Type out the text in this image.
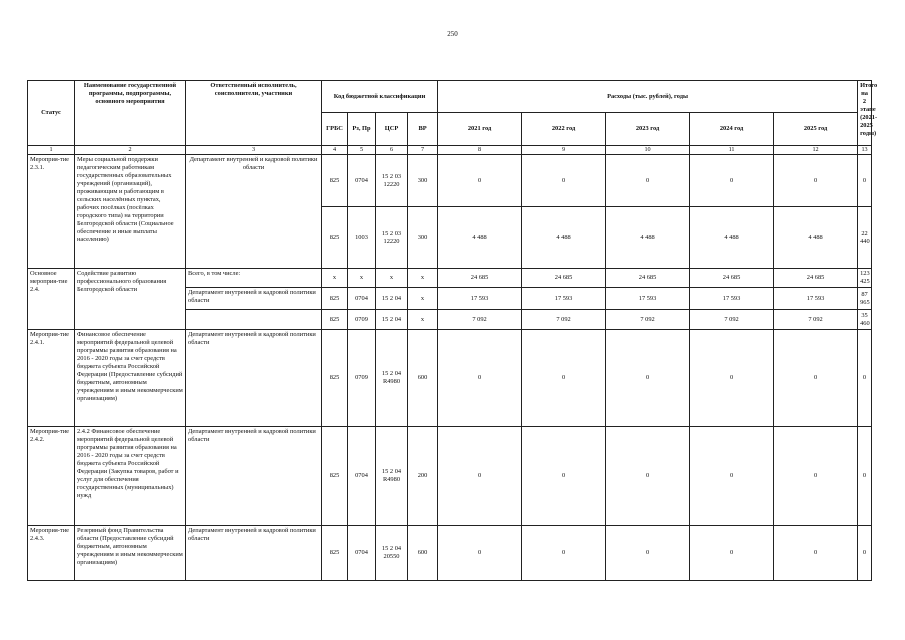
250
Статус	Наименование государственной программы, подпрограммы, основного мероприятия	Ответственный исполнитель, соисполнители, участники	Код бюджетной классификации				Расходы (тыс. рублей), годы					Итого на 2 этапе (2021-2025 годы)
			ГРБС	Рз, Пр	ЦСР	ВР	2021 год	2022 год	2023 год	2024 год	2025 год	
1	2	3	4	5	6	7	8	9	10	11	12	13
Мероприя-тие 2.3.1.	Меры социальной поддержки педагогическим работникам государственных образовательных учреждений (организаций), проживающим и работающим в сельских населённых пунктах, рабочих посёлках (посёлках городского типа) на территории Белгородской области (Социальное обеспечение и иные выплаты населению)	Департамент внутренней и кадровой политики области	825	0704	15 2 03 12220	300	0	0	0	0	0	0
			825	1003	15 2 03 12220	300	4 488	4 488	4 488	4 488	4 488	22 440
Основное мероприя-тие 2.4.	Содействие развитию профессионального образования Белгородской области	Всего, в том числе:	x	x	x	x	24 685	24 685	24 685	24 685	24 685	123 425
		Департамент внутренней и кадровой политики области	825	0704	15 2 04	x	17 593	17 593	17 593	17 593	17 593	87 965
			825	0709	15 2 04	x	7 092	7 092	7 092	7 092	7 092	35 460
Мероприя-тие 2.4.1.	Финансовое обеспечение мероприятий федеральной целевой программы развития образования на 2016 - 2020 годы за счет средств бюджета субъекта Российской Федерации (Предоставление субсидий бюджетным, автономным учреждениям и иным некоммерческим организациям)	Департамент внутренней и кадровой политики области	825	0709	15 2 04 R4980	600	0	0	0	0	0	0
Мероприя-тие 2.4.2.	2.4.2 Финансовое обеспечение мероприятий федеральной целевой программы развития образования на 2016 - 2020 годы за счет средств бюджета субъекта Российской Федерации (Закупка товаров, работ и услуг для обеспечения государственных (муниципальных) нужд	Департамент внутренней и кадровой политики области	825	0704	15 2 04 R4980	200	0	0	0	0	0	0
Мероприя-тие 2.4.3.	Резервный фонд Правительства области (Предоставление субсидий бюджетным, автономным учреждениям и иным некоммерческим организациям)	Департамент внутренней и кадровой политики области	825	0704	15 2 04 20550	600	0	0	0	0	0	0
